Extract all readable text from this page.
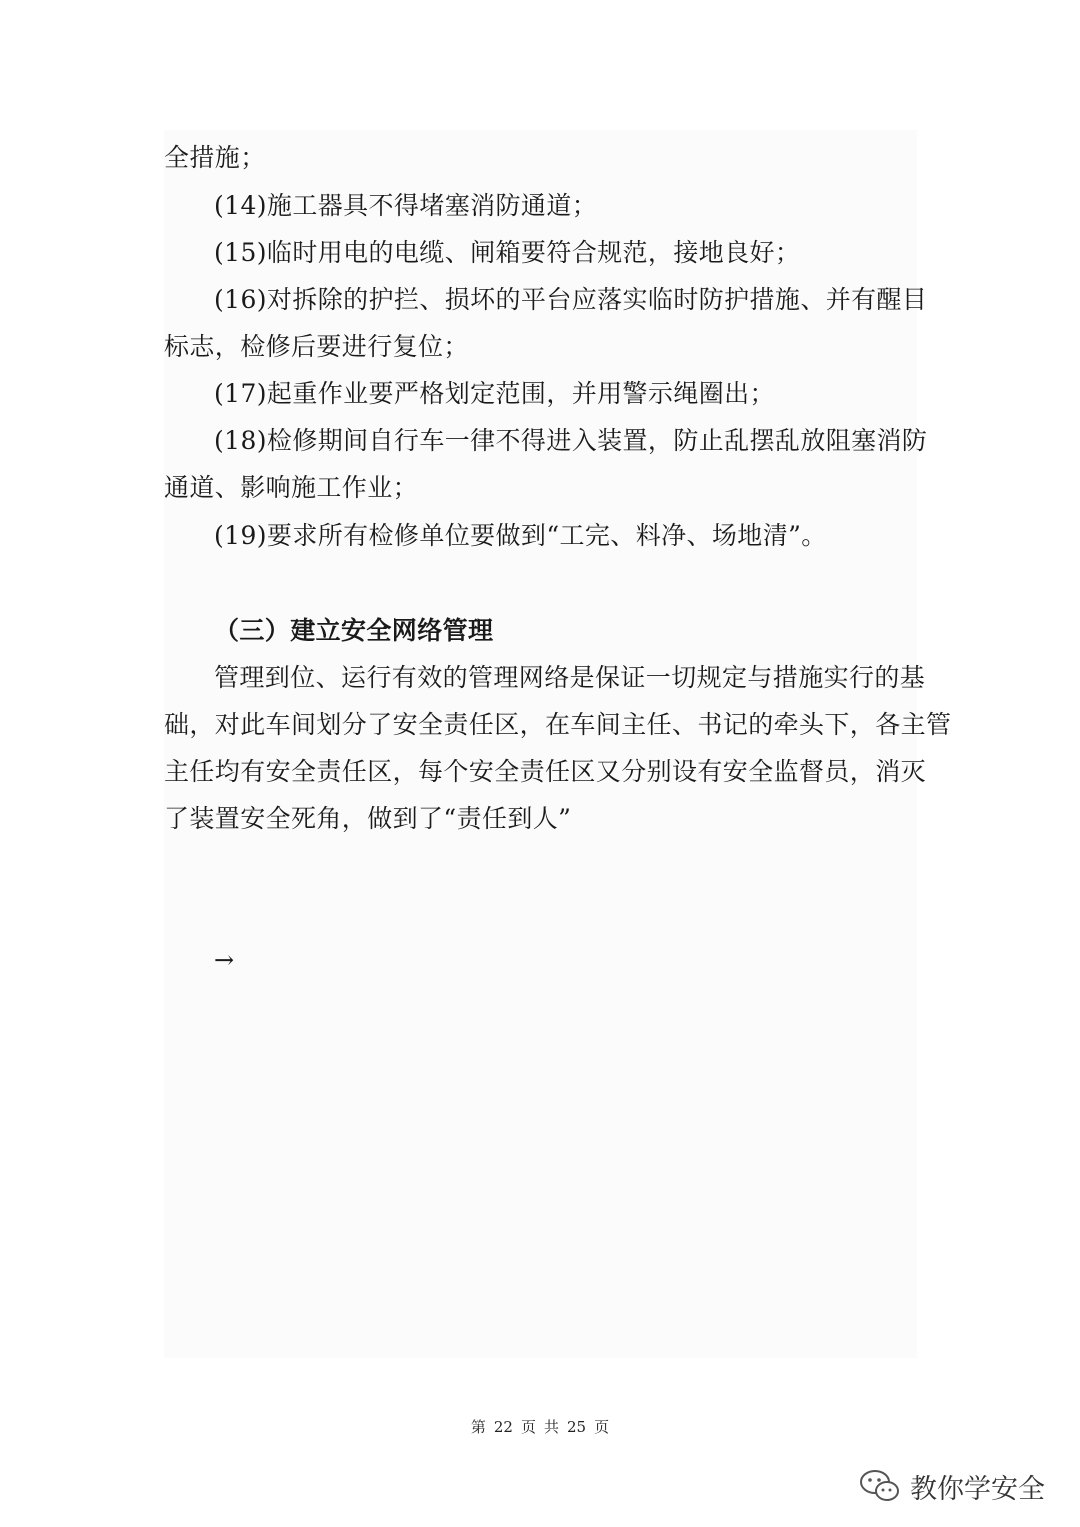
全措施；
(14)施工器具不得堵塞消防通道；
(15)临时用电的电缆、闸箱要符合规范，接地良好；
(16)对拆除的护拦、损坏的平台应落实临时防护措施、并有醒目
标志，检修后要进行复位；
(17)起重作业要严格划定范围，并用警示绳圈出；
(18)检修期间自行车一律不得进入装置，防止乱摆乱放阻塞消防
通道、影响施工作业；
(19)要求所有检修单位要做到“工完、料净、场地清”。
（三）建立安全网络管理
管理到位、运行有效的管理网络是保证一切规定与措施实行的基
础，对此车间划分了安全责任区，在车间主任、书记的牵头下，各主管
主任均有安全责任区，每个安全责任区又分别设有安全监督员，消灭
了装置安全死角，做到了“责任到人”
→
第 22 页 共 25 页
教你学安全
